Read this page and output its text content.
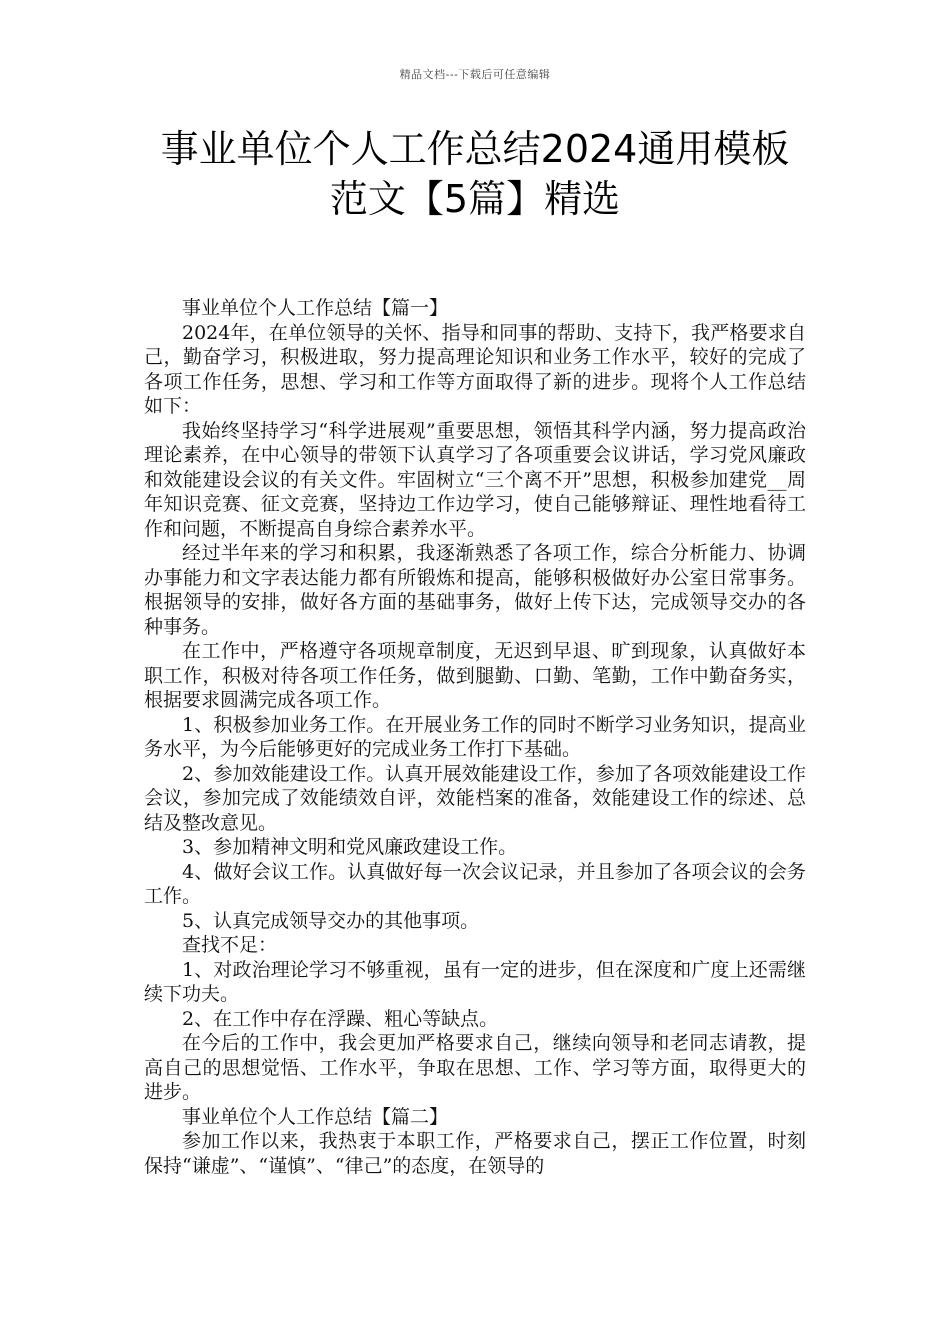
精品文档---下载后可任意编辑
事业单位个人工作总结2024通用模板
范文【5篇】精选

事业单位个人工作总结【篇一】

2024年，在单位领导的关怀、指导和同事的帮助、支持下，我严格要求自己，勤奋学习，积极进取，努力提高理论知识和业务工作水平，较好的完成了各项工作任务，思想、学习和工作等方面取得了新的进步。现将个人工作总结如下：

我始终坚持学习“科学进展观”重要思想，领悟其科学内涵，努力提高政治理论素养，在中心领导的带领下认真学习了各项重要会议讲话，学习党风廉政和效能建设会议的有关文件。牢固树立“三个离不开”思想，积极参加建党__周年知识竞赛、征文竞赛，坚持边工作边学习，使自己能够辩证、理性地看待工作和问题，不断提高自身综合素养水平。

经过半年来的学习和积累，我逐渐熟悉了各项工作，综合分析能力、协调办事能力和文字表达能力都有所锻炼和提高，能够积极做好办公室日常事务。根据领导的安排，做好各方面的基础事务，做好上传下达，完成领导交办的各种事务。

在工作中，严格遵守各项规章制度，无迟到早退、旷到现象，认真做好本职工作，积极对待各项工作任务，做到腿勤、口勤、笔勤，工作中勤奋务实，根据要求圆满完成各项工作。

1、积极参加业务工作。在开展业务工作的同时不断学习业务知识，提高业务水平，为今后能够更好的完成业务工作打下基础。

2、参加效能建设工作。认真开展效能建设工作，参加了各项效能建设工作会议，参加完成了效能绩效自评，效能档案的准备，效能建设工作的综述、总结及整改意见。

3、参加精神文明和党风廉政建设工作。

4、做好会议工作。认真做好每一次会议记录，并且参加了各项会议的会务工作。

5、认真完成领导交办的其他事项。

查找不足：

1、对政治理论学习不够重视，虽有一定的进步，但在深度和广度上还需继续下功夫。

2、在工作中存在浮躁、粗心等缺点。

在今后的工作中，我会更加严格要求自己，继续向领导和老同志请教，提高自己的思想觉悟、工作水平，争取在思想、工作、学习等方面，取得更大的进步。

事业单位个人工作总结【篇二】

参加工作以来，我热衷于本职工作，严格要求自己，摆正工作位置，时刻保持“谦虚”、“谨慎”、“律己”的态度，在领导的
